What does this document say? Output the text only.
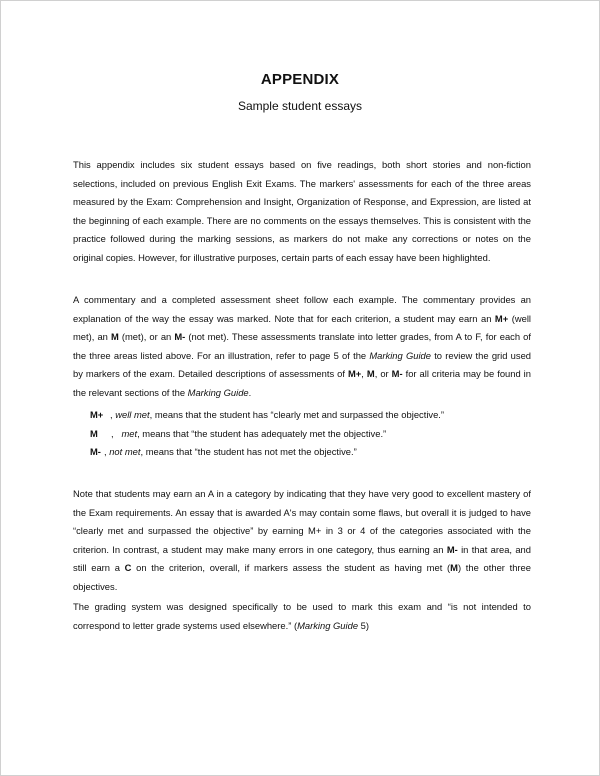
APPENDIX
Sample student essays

This appendix includes six student essays based on five readings, both short stories and non-fiction selections, included on previous English Exit Exams. The markers' assessments for each of the three areas measured by the Exam: Comprehension and Insight, Organization of Response, and Expression, are listed at the beginning of each example. There are no comments on the essays themselves. This is consistent with the practice followed during the marking sessions, as markers do not make any corrections or notes on the original copies. However, for illustrative purposes, certain parts of each essay have been highlighted.

A commentary and a completed assessment sheet follow each example. The commentary provides an explanation of the way the essay was marked. Note that for each criterion, a student may earn an M+ (well met), an M (met), or an M- (not met). These assessments translate into letter grades, from A to F, for each of the three areas listed above. For an illustration, refer to page 5 of the Marking Guide to review the grid used by markers of the exam. Detailed descriptions of assessments of M+, M, or M- for all criteria may be found in the relevant sections of the Marking Guide.

M+ ,
well met , means that the student has “clearly met and surpassed the objective.”
M	,
met , means that “the student has adequately met the objective.”
M- ,
not met , means that “the student has not met the objective.”

Note that students may earn an A in a category by indicating that they have very good to excellent mastery of the Exam requirements. An essay that is awarded A's may contain some flaws, but overall it is judged to have “clearly met and surpassed the objective” by earning M+ in 3 or 4 of the categories associated with the criterion. In contrast, a student may make many errors in one category, thus earning an M- in that area, and still earn a C on the criterion, overall, if markers assess the student as having met (M) the other three objectives.

The grading system was designed specifically to be used to mark this exam and “is not intended to correspond to letter grade systems used elsewhere.” (Marking Guide 5)
